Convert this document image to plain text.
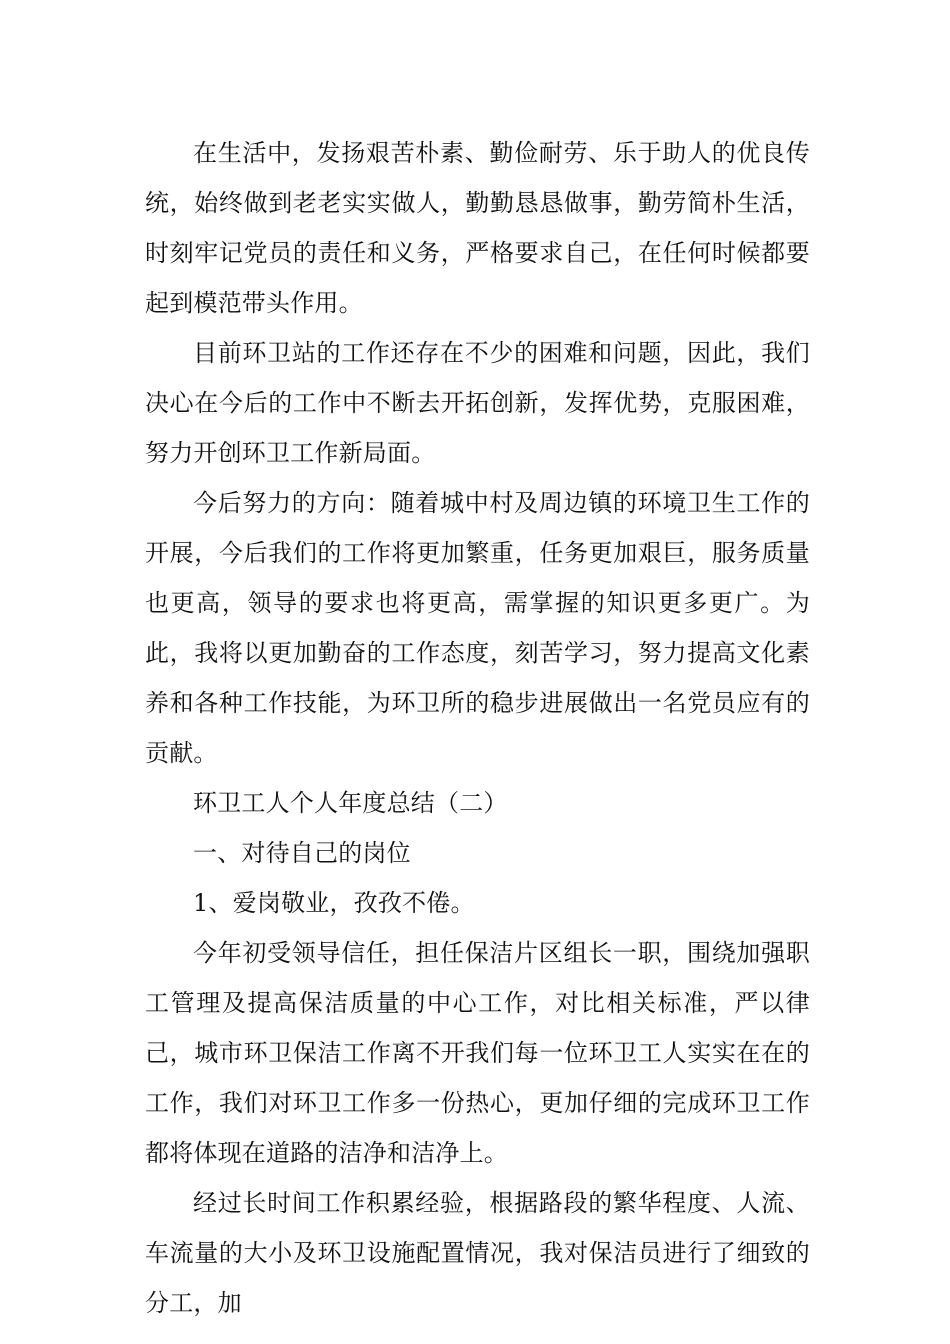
在生活中，发扬艰苦朴素、勤俭耐劳、乐于助人的优良传统，始终做到老老实实做人，勤勤恳恳做事，勤劳简朴生活，时刻牢记党员的责任和义务，严格要求自己，在任何时候都要起到模范带头作用。

目前环卫站的工作还存在不少的困难和问题，因此，我们决心在今后的工作中不断去开拓创新，发挥优势，克服困难，努力开创环卫工作新局面。

今后努力的方向：随着城中村及周边镇的环境卫生工作的开展，今后我们的工作将更加繁重，任务更加艰巨，服务质量也更高，领导的要求也将更高，需掌握的知识更多更广。为此，我将以更加勤奋的工作态度，刻苦学习，努力提高文化素养和各种工作技能，为环卫所的稳步进展做出一名党员应有的贡献。

环卫工人个人年度总结（二）

一、对待自己的岗位

1、爱岗敬业，孜孜不倦。

今年初受领导信任，担任保洁片区组长一职，围绕加强职工管理及提高保洁质量的中心工作，对比相关标准，严以律己，城市环卫保洁工作离不开我们每一位环卫工人实实在在的工作，我们对环卫工作多一份热心，更加仔细的完成环卫工作都将体现在道路的洁净和洁净上。

经过长时间工作积累经验，根据路段的繁华程度、人流、车流量的大小及环卫设施配置情况，我对保洁员进行了细致的分工，加
